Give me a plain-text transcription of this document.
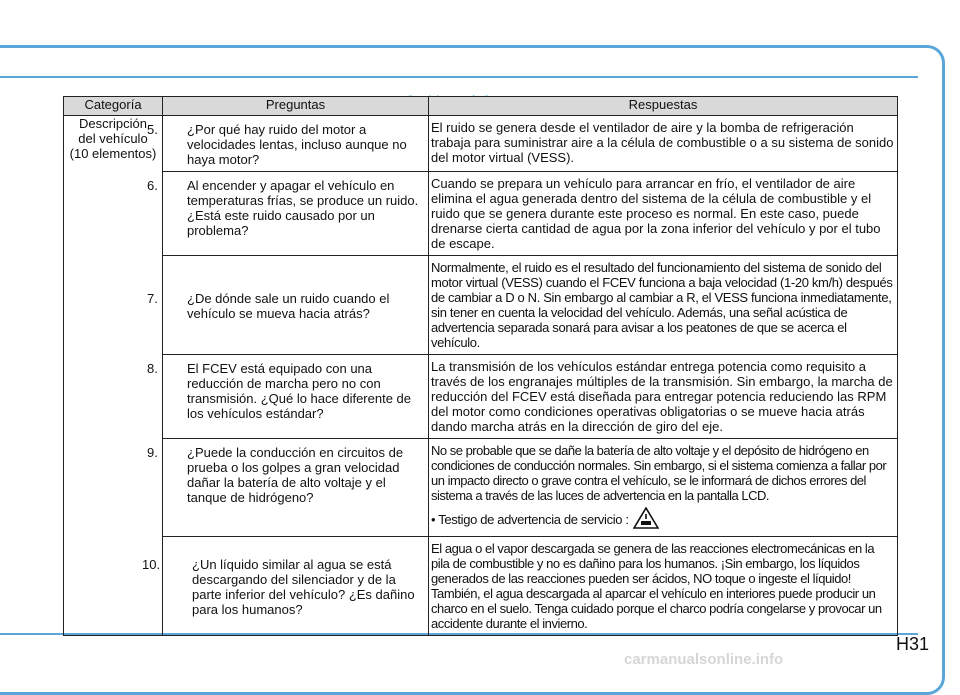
Categoría	Preguntas	Respuestas

Descripción
del vehículo
(10 elementos)	5. ¿Por qué hay ruido del motor a velocidades lentas, incluso aunque no haya motor?	El ruido se genera desde el ventilador de aire y la bomba de refrigeración trabaja para suministrar aire a la célula de combustible o a su sistema de sonido del motor virtual (VESS).

	6. Al encender y apagar el vehículo en temperaturas frías, se produce un ruido. ¿Está este ruido causado por un problema?	Cuando se prepara un vehículo para arrancar en frío, el ventilador de aire elimina el agua generada dentro del sistema de la célula de combustible y el ruido que se genera durante este proceso es normal. En este caso, puede drenarse cierta cantidad de agua por la zona inferior del vehículo y por el tubo de escape.

	7. ¿De dónde sale un ruido cuando el vehículo se mueva hacia atrás?	Normalmente, el ruido es el resultado del funcionamiento del sistema de sonido del motor virtual (VESS) cuando el FCEV funciona a baja velocidad (1-20 km/h) después de cambiar a D o N. Sin embargo al cambiar a R, el VESS funciona inmediatamente, sin tener en cuenta la velocidad del vehículo. Además, una señal acústica de advertencia separada sonará para avisar a los peatones de que se acerca el vehículo.

	8. El FCEV está equipado con una reducción de marcha pero no con transmisión. ¿Qué lo hace diferente de los vehículos estándar?	La transmisión de los vehículos estándar entrega potencia como requisito a través de los engranajes múltiples de la transmisión. Sin embargo, la marcha de reducción del FCEV está diseñada para entregar potencia reduciendo las RPM del motor como condiciones operativas obligatorias o se mueve hacia atrás dando marcha atrás en la dirección de giro del eje.

	9. ¿Puede la conducción en circuitos de prueba o los golpes a gran velocidad dañar la batería de alto voltaje y el tanque de hidrógeno?	No se probable que se dañe la batería de alto voltaje y el depósito de hidrógeno en condiciones de conducción normales. Sin embargo, si el sistema comienza a fallar por un impacto directo o grave contra el vehículo, se le informará de dichos errores del sistema a través de las luces de advertencia en la pantalla LCD.
• Testigo de advertencia de servicio :

	10. ¿Un líquido similar al agua se está descargando del silenciador y de la parte inferior del vehículo? ¿Es dañino para los humanos?	El agua o el vapor descargada se genera de las reacciones electromecánicas en la pila de combustible y no es dañino para los humanos. ¡Sin embargo, los líquidos generados de las reacciones pueden ser ácidos, NO toque o ingeste el líquido! También, el agua descargada al aparcar el vehículo en interiores puede producir un charco en el suelo. Tenga cuidado porque el charco podría congelarse y provocar un accidente durante el invierno.
H31
carmanualsonline.info
